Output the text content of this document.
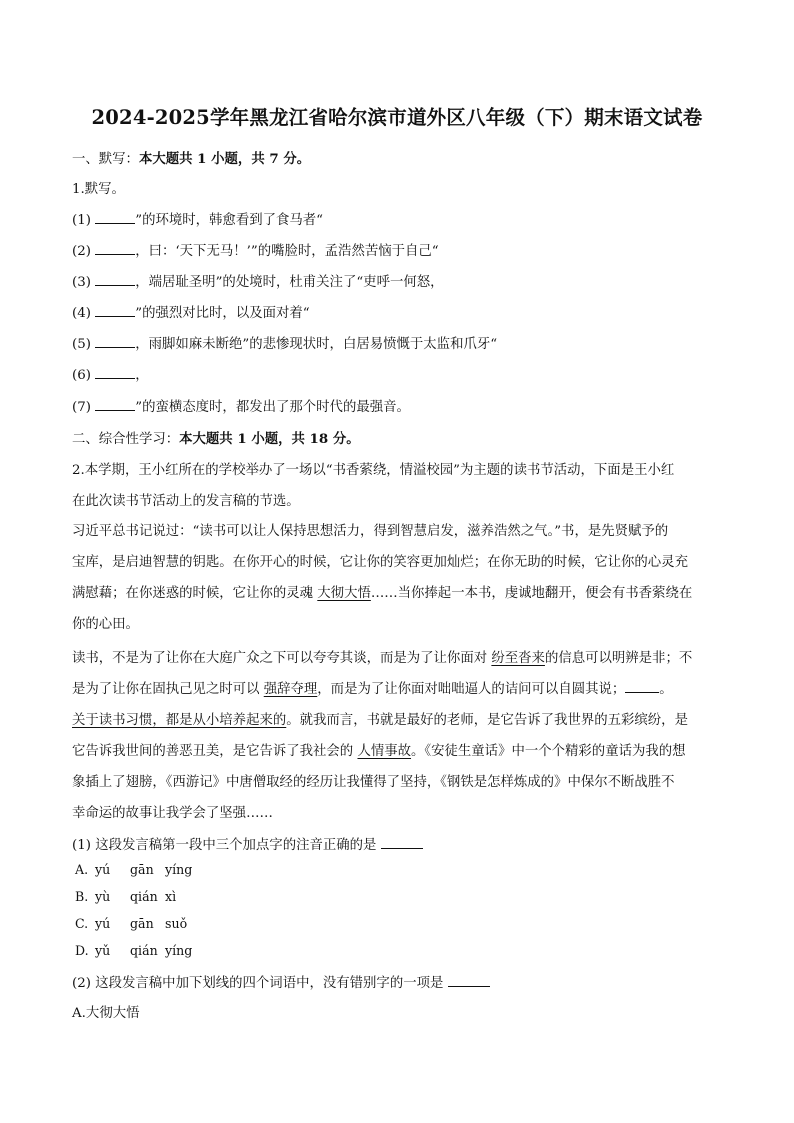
2024-2025学年黑龙江省哈尔滨市道外区八年级（下）期末语文试卷
一、默写：本大题共 1 小题，共 7 分。
1.默写。
(1)	”的环境时，韩愈看到了食马者“
(2)	，曰：‘天下无马！’”的嘴脸时，孟浩然苦恼于自己“
(3)	，端居耻圣明”的处境时，杜甫关注了“吏呼一何怒，
(4)	”的强烈对比时，以及面对着“
(5)	，雨脚如麻未断绝”的悲惨现状时，白居易愤慨于太监和爪牙“
(6)	，
(7)	”的蛮横态度时，都发出了那个时代的最强音。
二、综合性学习：本大题共 1 小题，共 18 分。
2.本学期，王小红所在的学校举办了一场以“书香萦绕，情溢校园”为主题的读书节活动，下面是王小红
在此次读书节活动上的发言稿的节选。
习近平总书记说过：“读书可以让人保持思想活力，得到智慧启发，滋养浩然之气。”书，是先贤赋予的
宝库，是启迪智慧的钥匙。在你开心的时候，它让你的笑容更加灿烂；在你无助的时候，它让你的心灵充
满慰藉；在你迷惑的时候，它让你的灵魂 大彻大悟……当你捧起一本书，虔诚地翻开，便会有书香萦绕在
你的心田。
读书，不是为了让你在大庭广众之下可以夸夸其谈，而是为了让你面对 纷至沓来的信息可以明辨是非；不
是为了让你在固执己见之时可以 强辞夺理，而是为了让你面对咄咄逼人的诘问可以自圆其说；	。
关于读书习惯，都是从小培养起来的。就我而言，书就是最好的老师，是它告诉了我世界的五彩缤纷，是
它告诉我世间的善恶丑美，是它告诉了我社会的 人情事故。《安徒生童话》中一个个精彩的童话为我的想
象插上了翅膀，《西游记》中唐僧取经的经历让我懂得了坚持，《钢铁是怎样炼成的》中保尔不断战胜不
幸命运的故事让我学会了坚强……
(1) 这段发言稿第一段中三个加点字的注音正确的是
A. yú gān yíng
B. yù qián xì
C. yú gān suǒ
D. yǔ qián yíng
(2) 这段发言稿中加下划线的四个词语中，没有错别字的一项是
A.大彻大悟
